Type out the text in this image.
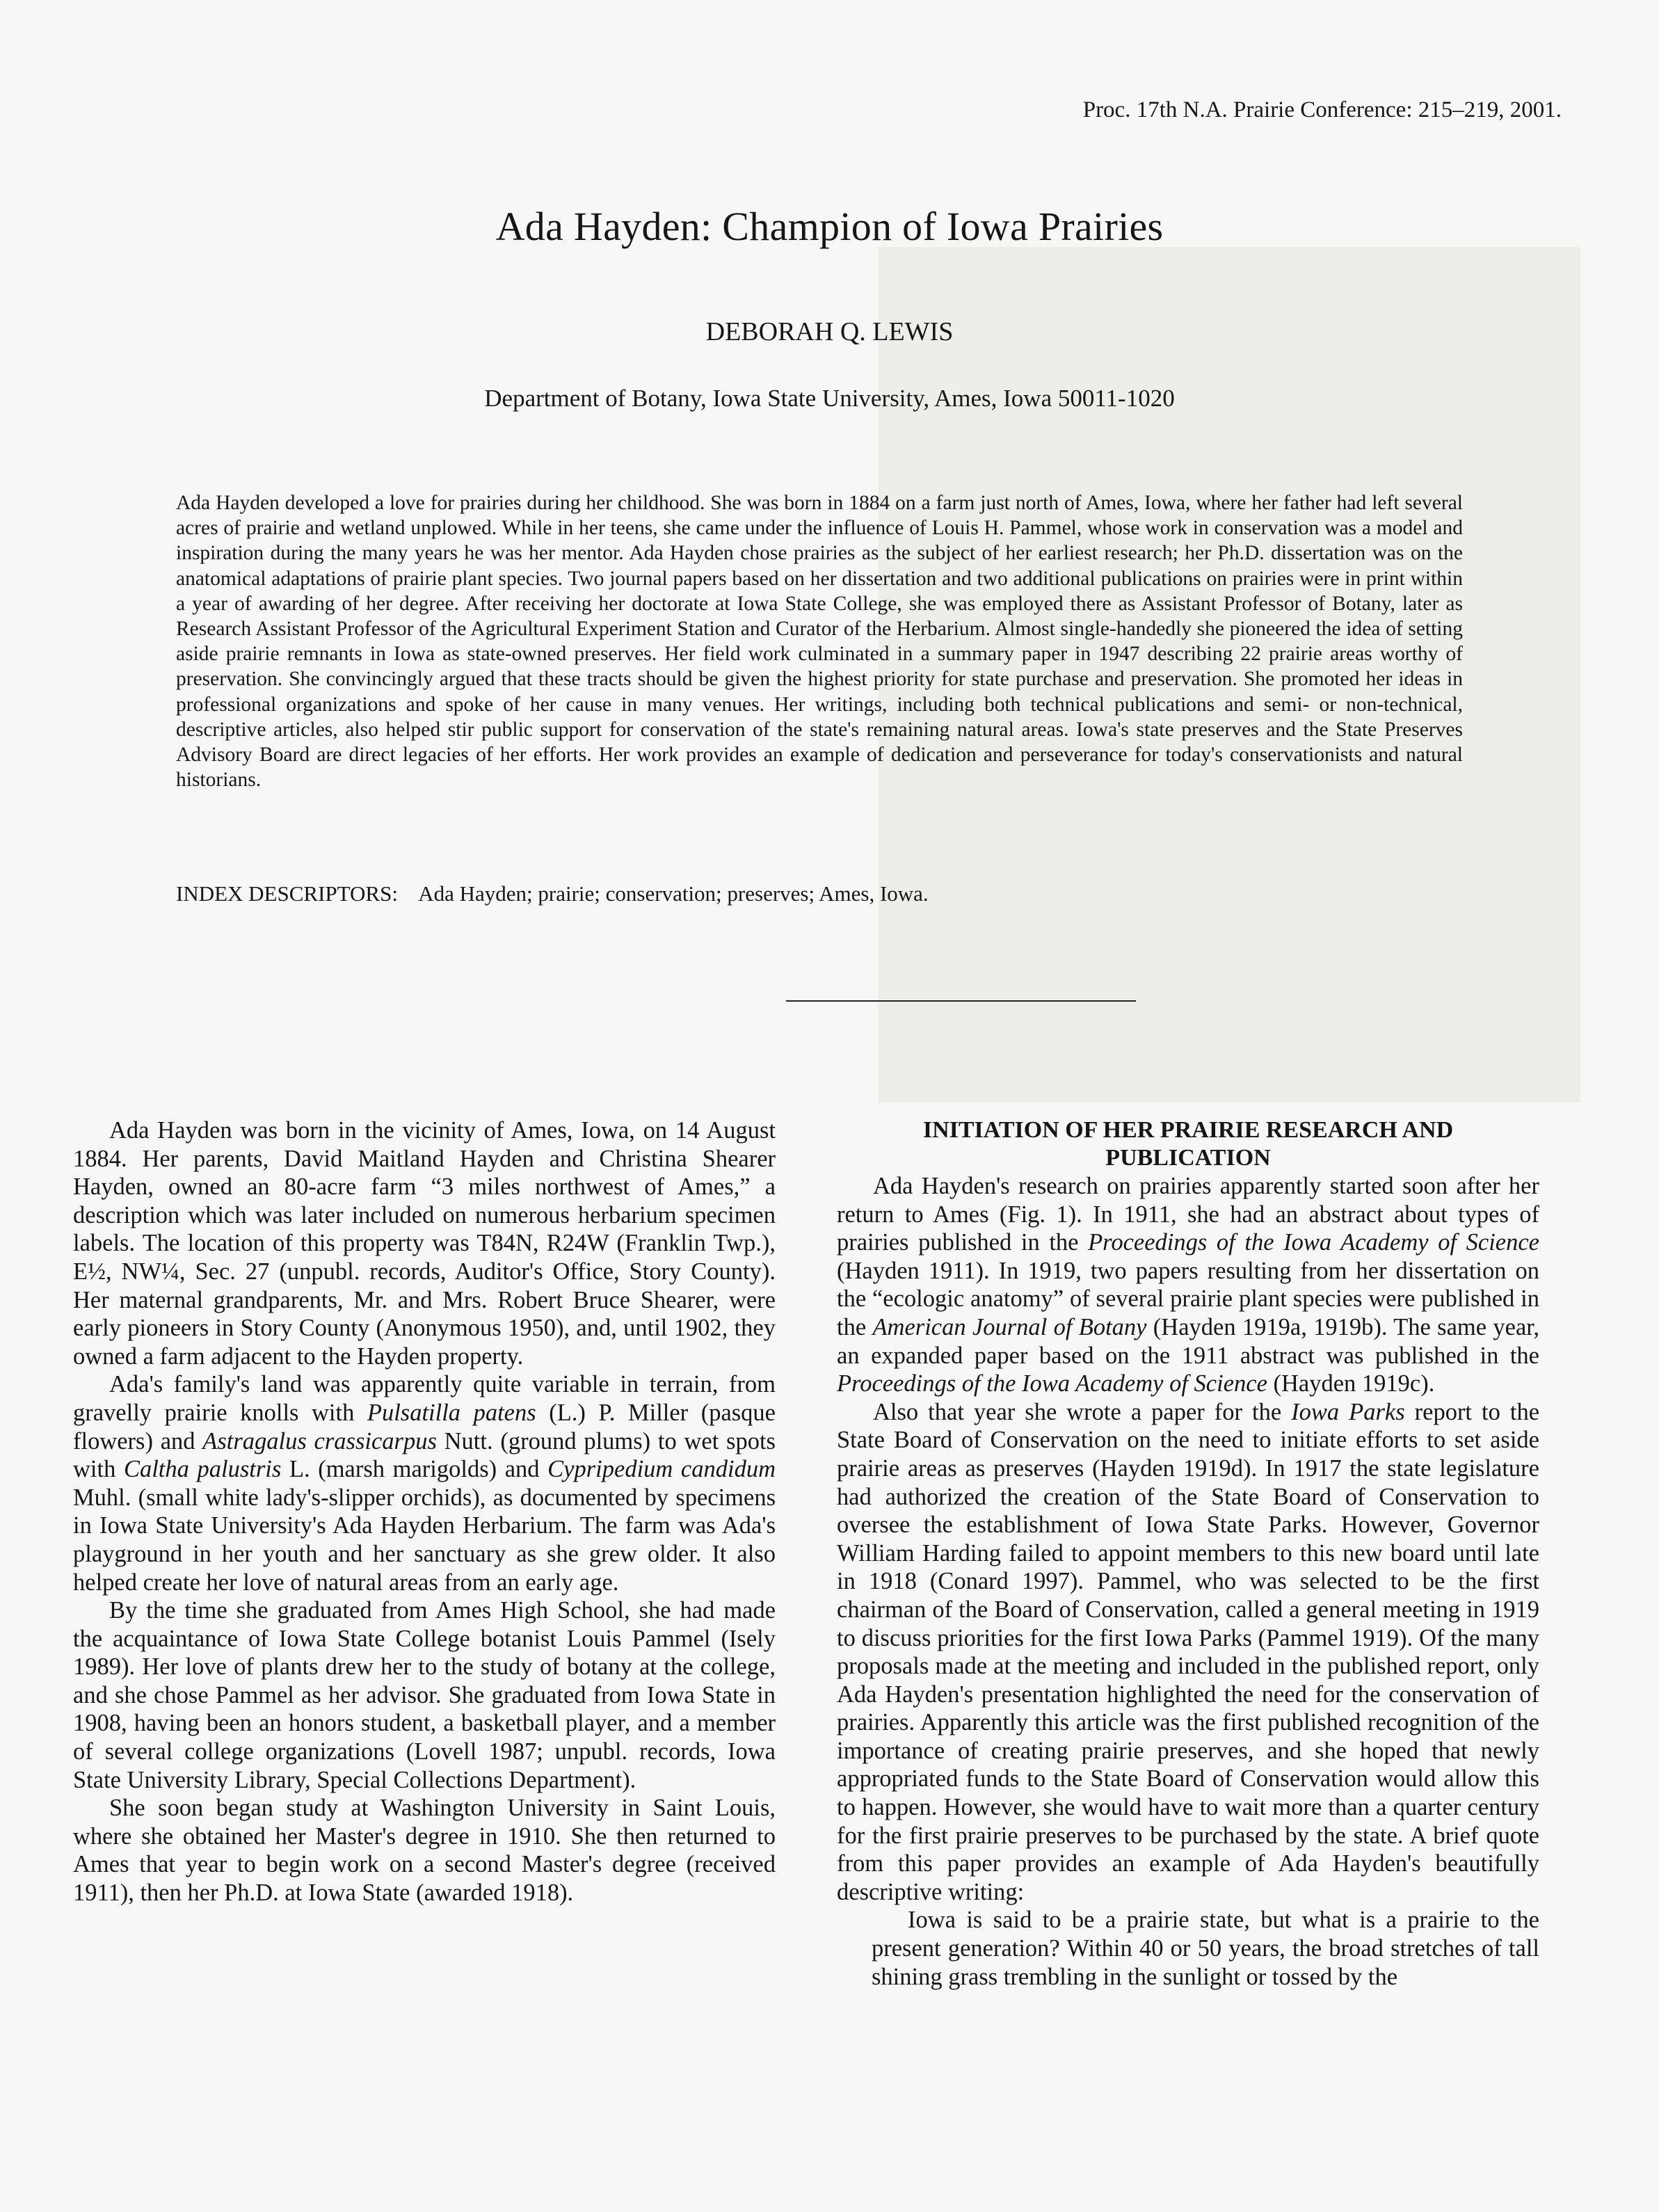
Proc. 17th N.A. Prairie Conference: 215–219, 2001.
Ada Hayden: Champion of Iowa Prairies
DEBORAH Q. LEWIS
Department of Botany, Iowa State University, Ames, Iowa 50011-1020

Ada Hayden developed a love for prairies during her childhood. She was born in 1884 on a farm just north of Ames, Iowa, where her father had left several acres of prairie and wetland unplowed. While in her teens, she came under the influence of Louis H. Pammel, whose work in conservation was a model and inspiration during the many years he was her mentor. Ada Hayden chose prairies as the subject of her earliest research; her Ph.D. dissertation was on the anatomical adaptations of prairie plant species. Two journal papers based on her dissertation and two additional publications on prairies were in print within a year of awarding of her degree. After receiving her doctorate at Iowa State College, she was employed there as Assistant Professor of Botany, later as Research Assistant Professor of the Agricultural Experiment Station and Curator of the Herbarium. Almost single-handedly she pioneered the idea of setting aside prairie remnants in Iowa as state-owned preserves. Her field work culminated in a summary paper in 1947 describing 22 prairie areas worthy of preservation. She convincingly argued that these tracts should be given the highest priority for state purchase and preservation. She promoted her ideas in professional organizations and spoke of her cause in many venues. Her writings, including both technical publications and semi- or non-technical, descriptive articles, also helped stir public support for conservation of the state's remaining natural areas. Iowa's state preserves and the State Preserves Advisory Board are direct legacies of her efforts. Her work provides an example of dedication and perseverance for today's conservationists and natural historians.

INDEX DESCRIPTORS: Ada Hayden; prairie; conservation; preserves; Ames, Iowa.

Ada Hayden was born in the vicinity of Ames, Iowa, on 14 August 1884. Her parents, David Maitland Hayden and Christina Shearer Hayden, owned an 80-acre farm “3 miles northwest of Ames,” a description which was later included on numerous herbarium specimen labels. The location of this property was T84N, R24W (Franklin Twp.), E½, NW¼, Sec. 27 (unpubl. records, Auditor's Office, Story County). Her maternal grandparents, Mr. and Mrs. Robert Bruce Shearer, were early pioneers in Story County (Anonymous 1950), and, until 1902, they owned a farm adjacent to the Hayden property.

Ada's family's land was apparently quite variable in terrain, from gravelly prairie knolls with Pulsatilla patens (L.) P. Miller (pasque flowers) and Astragalus crassicarpus Nutt. (ground plums) to wet spots with Caltha palustris L. (marsh marigolds) and Cypripedium candidum Muhl. (small white lady's-slipper orchids), as documented by specimens in Iowa State University's Ada Hayden Herbarium. The farm was Ada's playground in her youth and her sanctuary as she grew older. It also helped create her love of natural areas from an early age.

By the time she graduated from Ames High School, she had made the acquaintance of Iowa State College botanist Louis Pammel (Isely 1989). Her love of plants drew her to the study of botany at the college, and she chose Pammel as her advisor. She graduated from Iowa State in 1908, having been an honors student, a basketball player, and a member of several college organizations (Lovell 1987; unpubl. records, Iowa State University Library, Special Collections Department).

She soon began study at Washington University in Saint Louis, where she obtained her Master's degree in 1910. She then returned to Ames that year to begin work on a second Master's degree (received 1911), then her Ph.D. at Iowa State (awarded 1918).

INITIATION OF HER PRAIRIE RESEARCH AND PUBLICATION

Ada Hayden's research on prairies apparently started soon after her return to Ames (Fig. 1). In 1911, she had an abstract about types of prairies published in the Proceedings of the Iowa Academy of Science (Hayden 1911). In 1919, two papers resulting from her dissertation on the “ecologic anatomy” of several prairie plant species were published in the American Journal of Botany (Hayden 1919a, 1919b). The same year, an expanded paper based on the 1911 abstract was published in the Proceedings of the Iowa Academy of Science (Hayden 1919c).

Also that year she wrote a paper for the Iowa Parks report to the State Board of Conservation on the need to initiate efforts to set aside prairie areas as preserves (Hayden 1919d). In 1917 the state legislature had authorized the creation of the State Board of Conservation to oversee the establishment of Iowa State Parks. However, Governor William Harding failed to appoint members to this new board until late in 1918 (Conard 1997). Pammel, who was selected to be the first chairman of the Board of Conservation, called a general meeting in 1919 to discuss priorities for the first Iowa Parks (Pammel 1919). Of the many proposals made at the meeting and included in the published report, only Ada Hayden's presentation highlighted the need for the conservation of prairies. Apparently this article was the first published recognition of the importance of creating prairie preserves, and she hoped that newly appropriated funds to the State Board of Conservation would allow this to happen. However, she would have to wait more than a quarter century for the first prairie preserves to be purchased by the state. A brief quote from this paper provides an example of Ada Hayden's beautifully descriptive writing:

Iowa is said to be a prairie state, but what is a prairie to the present generation? Within 40 or 50 years, the broad stretches of tall shining grass trembling in the sunlight or tossed by the
